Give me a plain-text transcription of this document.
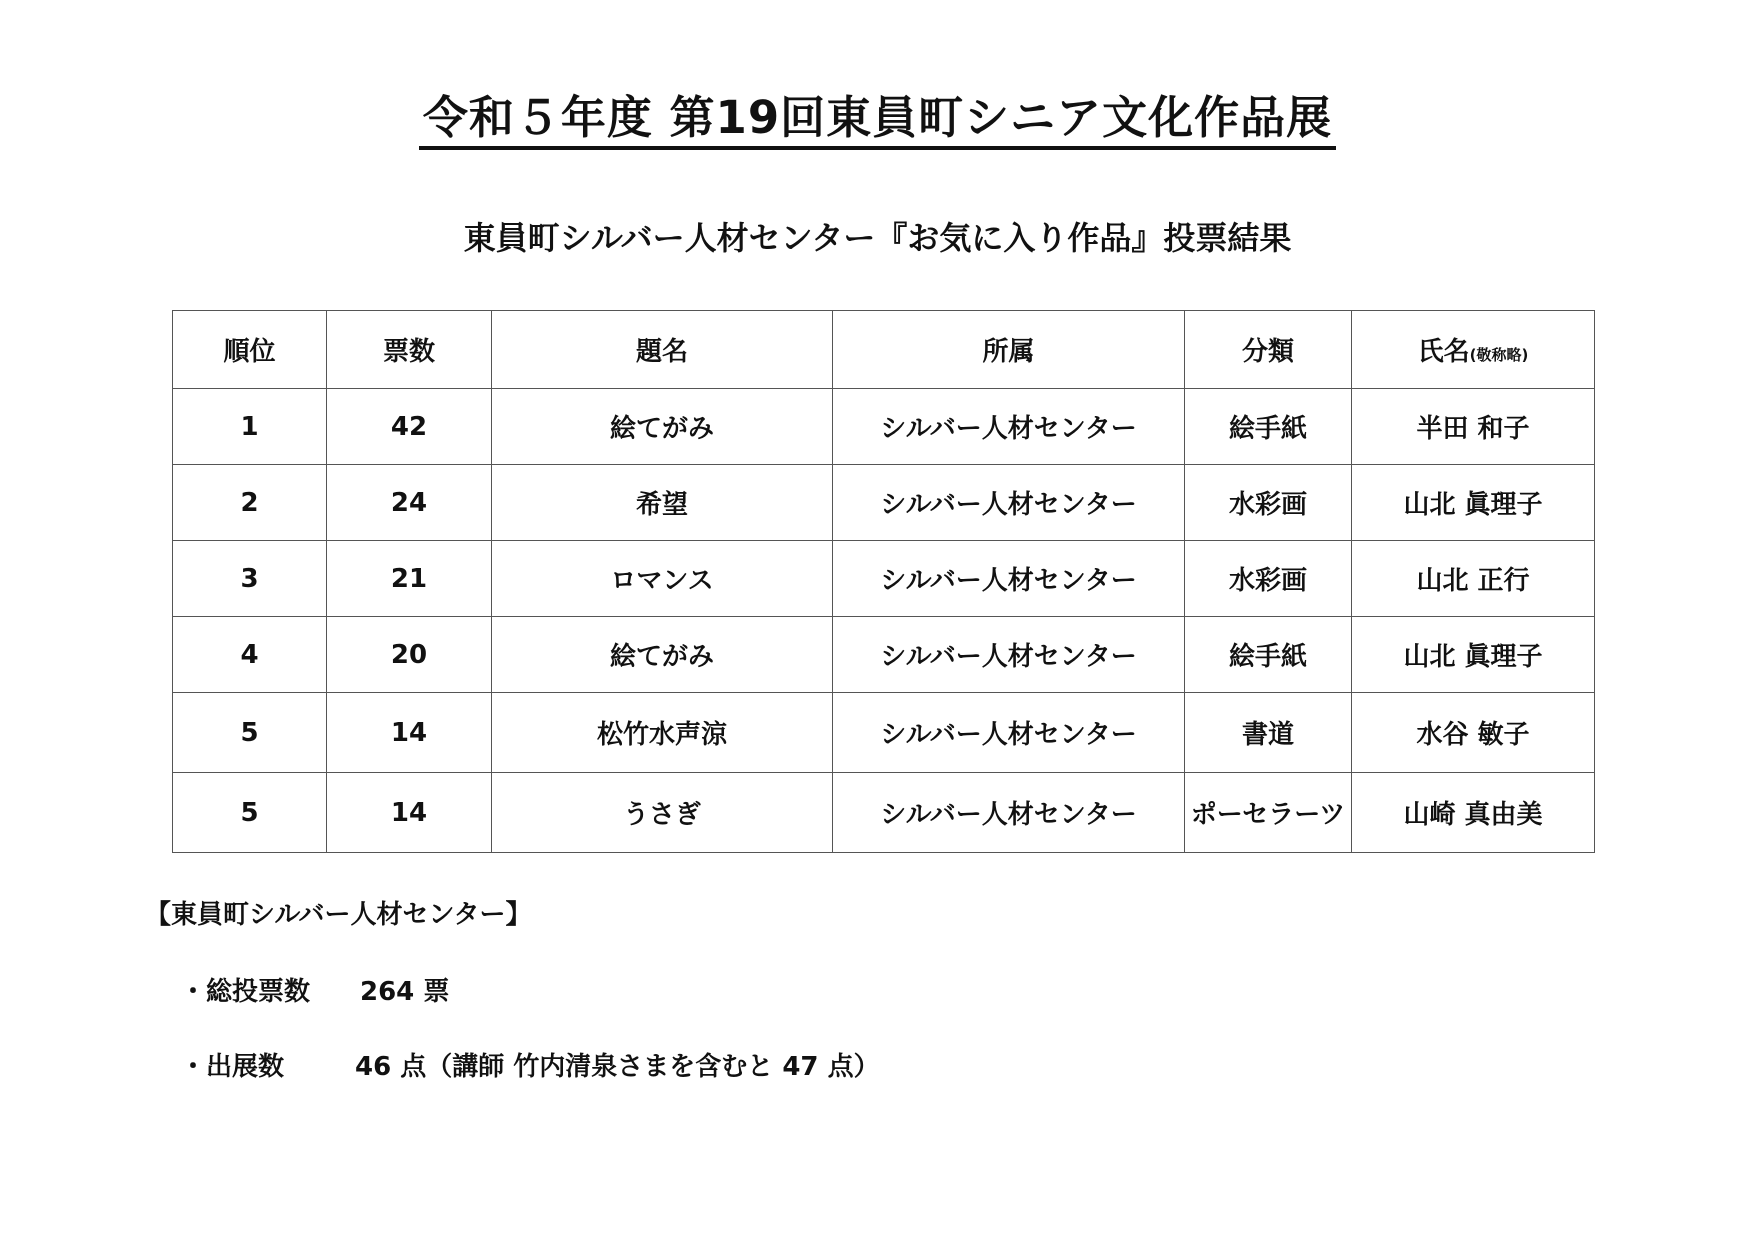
令和５年度 第19回東員町シニア文化作品展
東員町シルバー人材センター『お気に入り作品』投票結果
順位	票数	題名	所属	分類	氏名(敬称略)
1	42	絵てがみ	シルバー人材センター	絵手紙	半田 和子
2	24	希望	シルバー人材センター	水彩画	山北 眞理子
3	21	ロマンス	シルバー人材センター	水彩画	山北 正行
4	20	絵てがみ	シルバー人材センター	絵手紙	山北 眞理子
5	14	松竹水声涼	シルバー人材センター	書道	水谷 敏子
5	14	うさぎ	シルバー人材センター	ポーセラーツ	山崎 真由美
【東員町シルバー人材センター】
・総投票数 264 票
・出展数	46 点（講師 竹内清泉さまを含むと 47 点）
